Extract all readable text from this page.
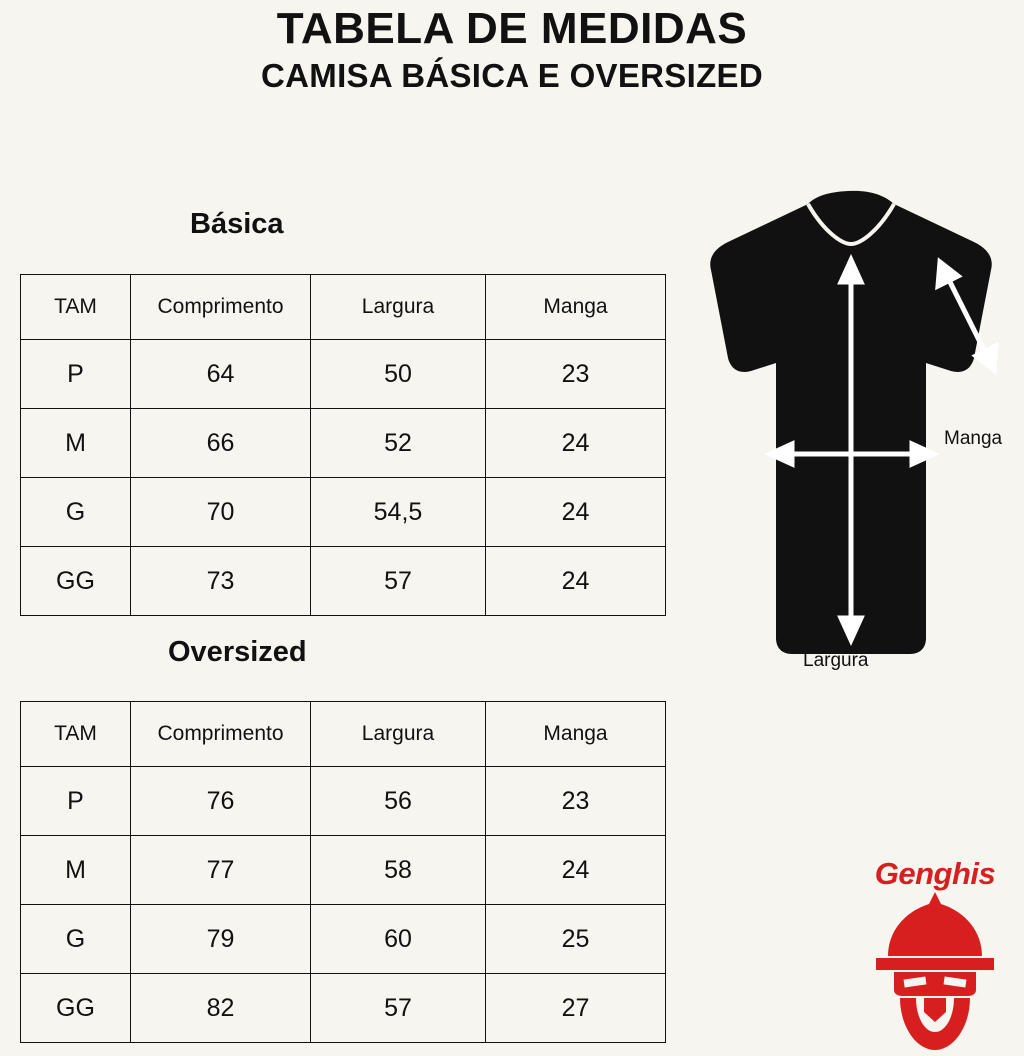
TABELA DE MEDIDAS
CAMISA BÁSICA E OVERSIZED
Básica
TAM	Comprimento	Largura	Manga
P	64	50	23
M	66	52	24
G	70	54,5	24
GG	73	57	24
Oversized
TAM	Comprimento	Largura	Manga
P	76	56	23
M	77	58	24
G	79	60	25
GG	82	57	27
Manga
Largura
Genghis
